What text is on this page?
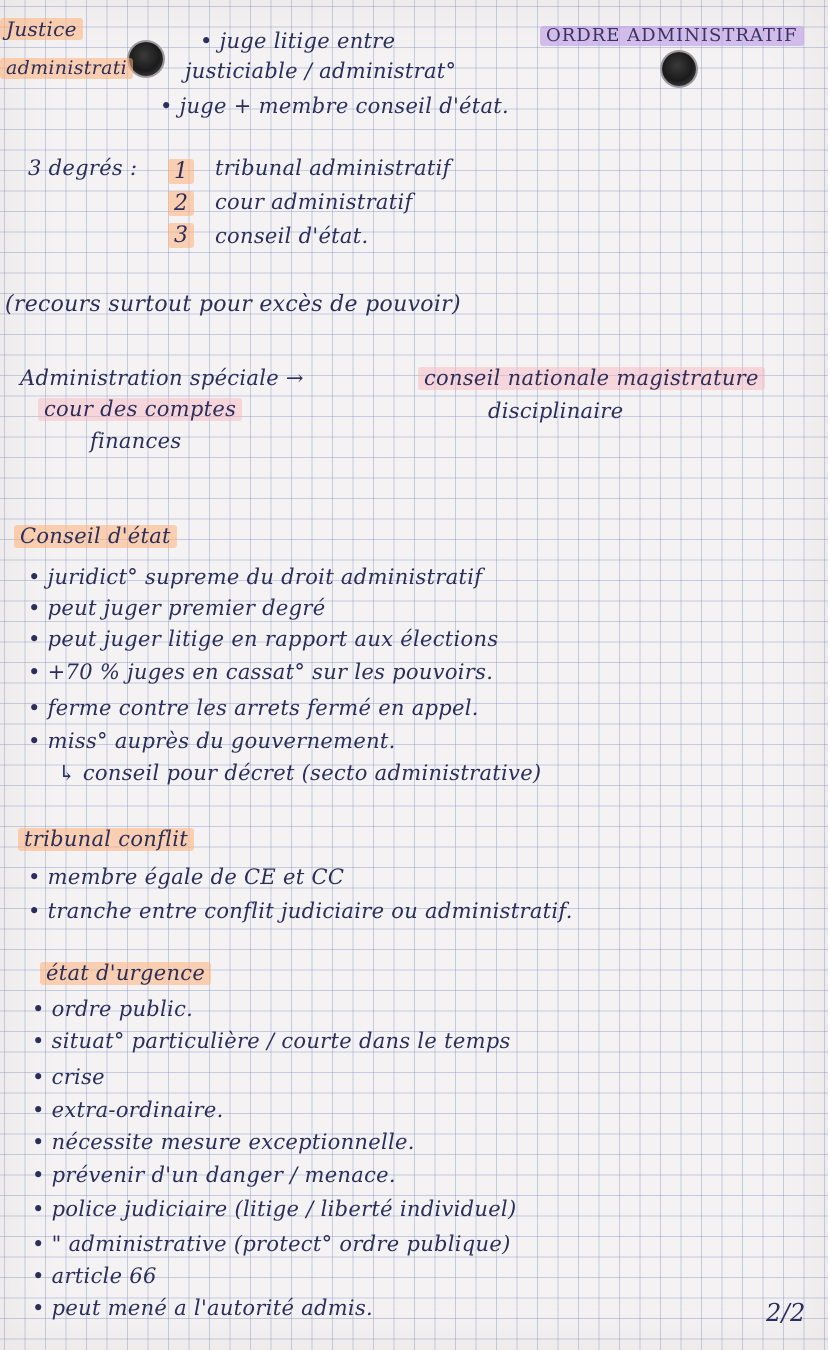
Justice
administrati
ORDRE ADMINISTRATIF
• juge litige entre
justiciable / administrat°
• juge + membre conseil d'état.
3 degrés : 1 tribunal administratif
2 cour administratif
3 conseil d'état.
(recours surtout pour excès de pouvoir)
Administration spéciale →
cour des comptes
finances
conseil nationale magistrature
disciplinaire
Conseil d'état
• juridict° supreme du droit administratif
• peut juger premier degré
• peut juger litige en rapport aux élections
• +70 % juges en cassat° sur les pouvoirs.
• ferme contre les arrets fermé en appel.
• miss° auprès du gouvernement.
↳ conseil pour décret (secto administrative)
tribunal conflit
• membre égale de CE et CC
• tranche entre conflit judiciaire ou administratif.
état d'urgence
• ordre public.
• situat° particulière / courte dans le temps
• crise
• extra-ordinaire.
• nécessite mesure exceptionnelle.
• prévenir d'un danger / menace.
• police judiciaire (litige / liberté individuel)
• " administrative (protect° ordre publique)
• article 66
• peut mené a l'autorité admis.	2/2
